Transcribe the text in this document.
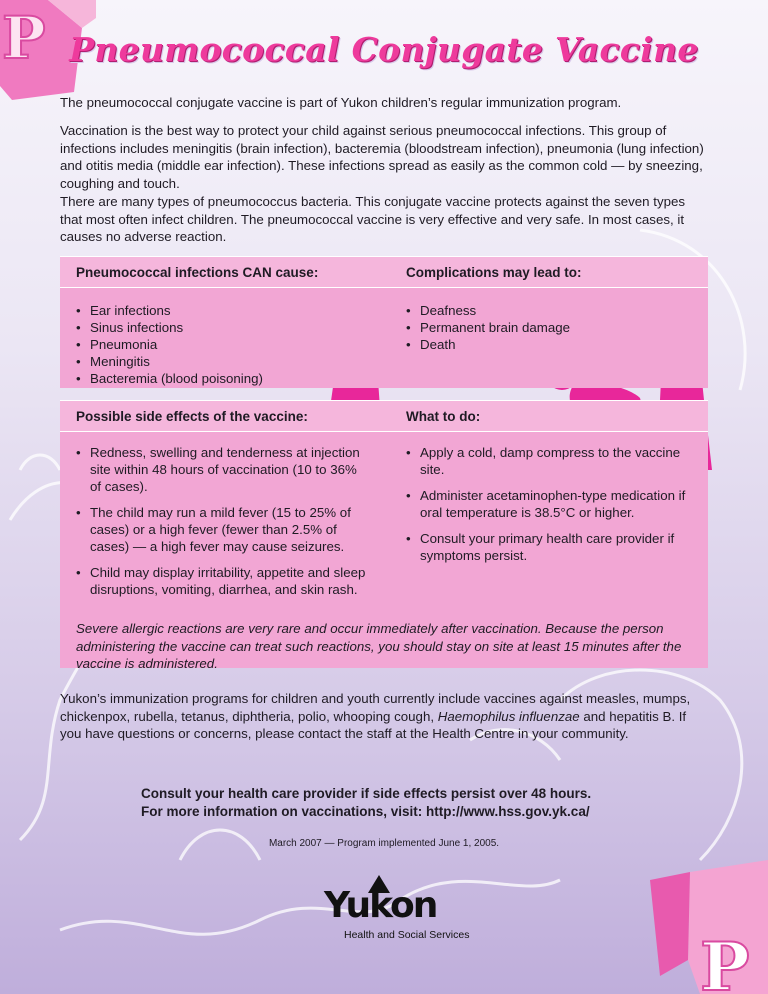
P
P
Pneumococcal Conjugate Vaccine

The pneumococcal conjugate vaccine is part of Yukon children’s regular immunization program.

Vaccination is the best way to protect your child against serious pneumococcal infections. This group of infections includes meningitis (brain infection), bacteremia (bloodstream infection), pneumonia (lung infection) and otitis media (middle ear infection). These infections spread as easily as the common cold — by sneezing, coughing and touch.

There are many types of pneumococcus bacteria. This conjugate vaccine protects against the seven types that most often infect children. The pneumococcal vaccine is very effective and very safe. In most cases, it causes no adverse reaction.

Pneumococcal infections CAN cause:	Complications may lead to:
• Ear infections
• Sinus infections
• Pneumonia
• Meningitis
• Bacteremia (blood poisoning)
• Deafness
• Permanent brain damage
• Death
Possible side effects of the vaccine:	What to do:
• Redness, swelling and tenderness at injection site within 48 hours of vaccination (10 to 36% of cases).
• The child may run a mild fever (15 to 25% of cases) or a high fever (fewer than 2.5% of cases) — a high fever may cause seizures.
• Child may display irritability, appetite and sleep disruptions, vomiting, diarrhea, and skin rash.
• Apply a cold, damp compress to the vaccine site.
• Administer acetaminophen-type medication if oral temperature is 38.5°C or higher.
• Consult your primary health care provider if symptoms persist.

Severe allergic reactions are very rare and occur immediately after vaccination. Because the person administering the vaccine can treat such reactions, you should stay on site at least 15 minutes after the vaccine is administered.

Yukon’s immunization programs for children and youth currently include vaccines against measles, mumps, chickenpox, rubella, tetanus, diphtheria, polio, whooping cough, Haemophilus influenzae and hepatitis B. If you have questions or concerns, please contact the staff at the Health Centre in your community.

Consult your health care provider if side effects persist over 48 hours.
For more information on vaccinations, visit: http://www.hss.gov.yk.ca/
March 2007 — Program implemented June 1, 2005.
Yukon
Health and Social Services
